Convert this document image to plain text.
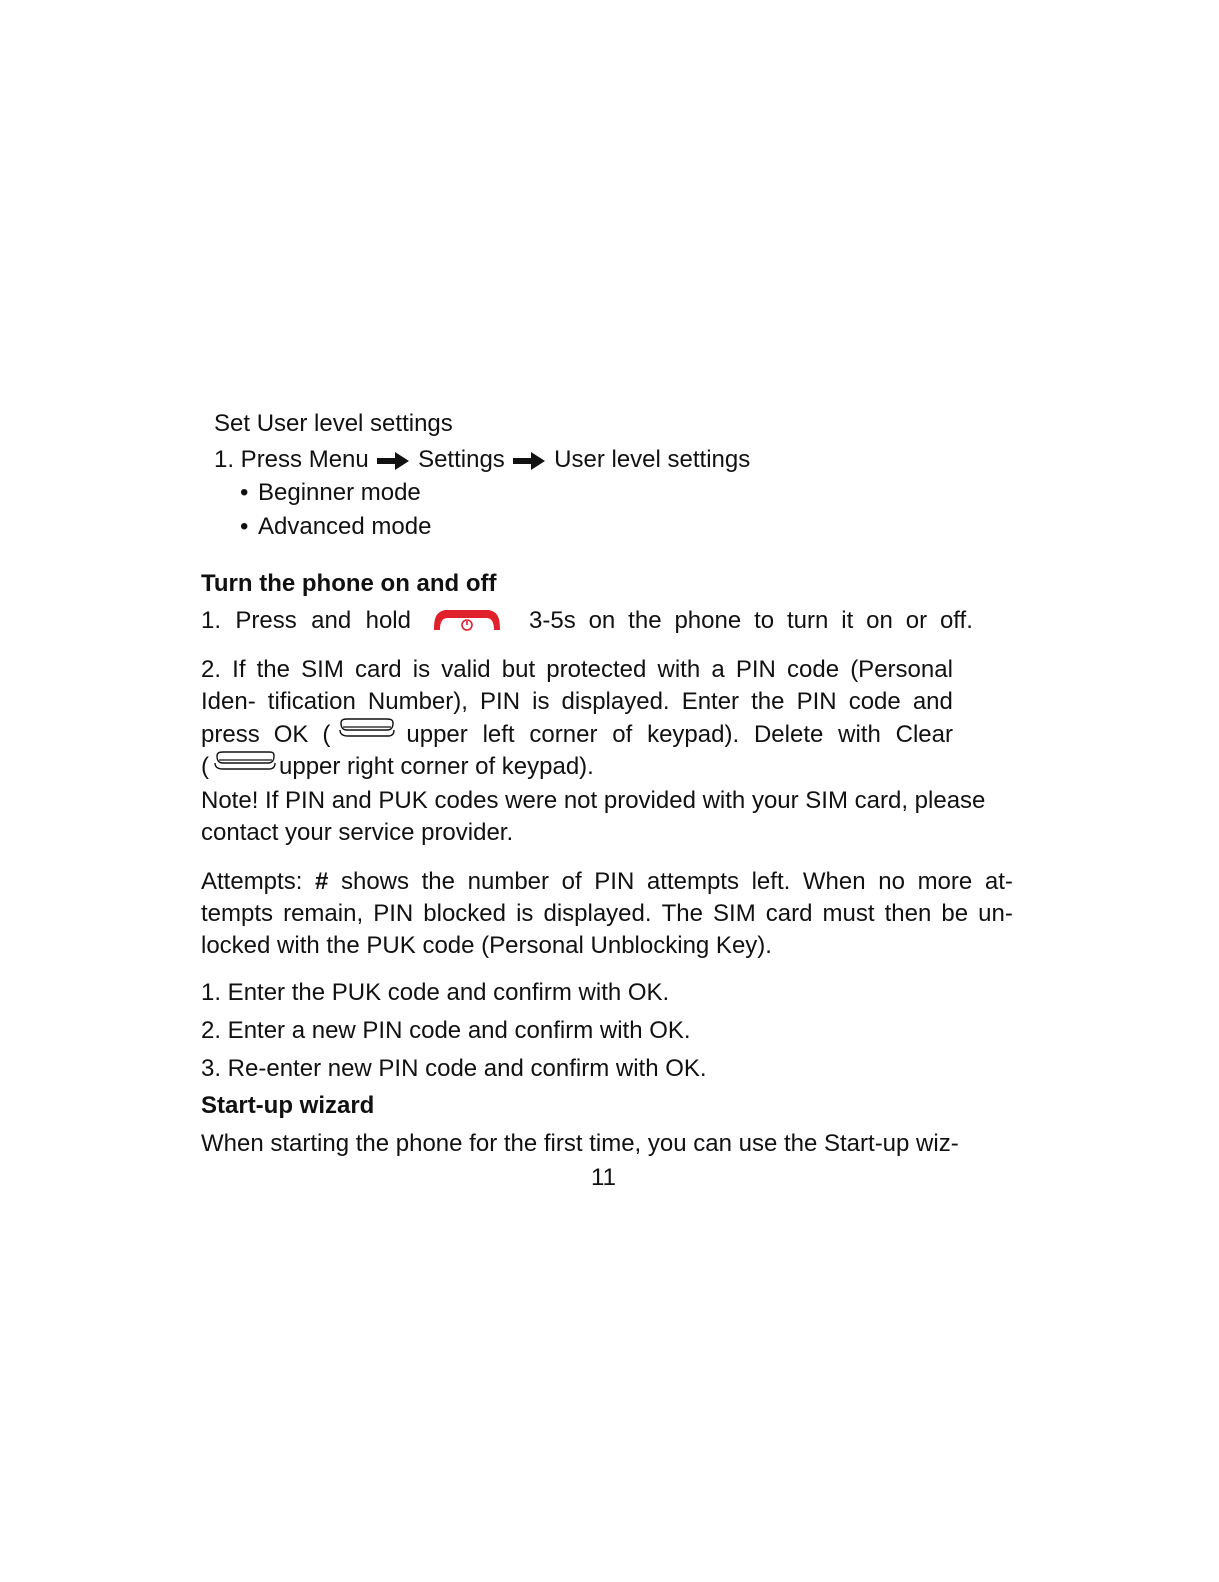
Set User level settings
1. Press Menu Settings User level settings
• Beginner mode
• Advanced mode
Turn the phone on and off
1. Press and hold	3-5s on the phone to turn it on or off.
2. If the SIM card is valid but protected with a PIN code (Personal
Iden- tification Number), PIN is displayed. Enter the PIN code and
press OK (	upper left corner of keypad). Delete with Clear
(	upper right corner of keypad).
Note! If PIN and PUK codes were not provided with your SIM card, please
contact your service provider.
Attempts: # shows the number of PIN attempts left. When no more at-
tempts remain, PIN blocked is displayed. The SIM card must then be un-
locked with the PUK code (Personal Unblocking Key).
1. Enter the PUK code and confirm with OK.
2. Enter a new PIN code and confirm with OK.
3. Re-enter new PIN code and confirm with OK.
Start-up wizard
When starting the phone for the first time, you can use the Start-up wiz-
11
